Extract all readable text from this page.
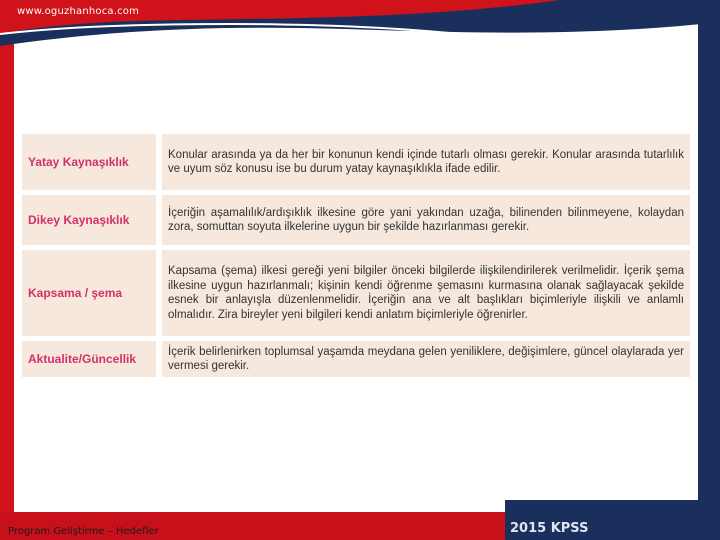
www.oguzhanhoca.com
Program Geliştirme – Hedefler	2015 KPSS
Yatay Kaynaşıklık		Konular arasında ya da her bir konunun kendi içinde tutarlı olması gerekir. Konular arasında tutarlılık ve uyum söz konusu ise bu durum yatay kaynaşıklıkla ifade edilir.
Dikey Kaynaşıklık		İçeriğin aşamalılık/ardışıklık ilkesine göre yani yakından uzağa, bilinenden bilinmeyene, kolaydan zora, somuttan soyuta ilkelerine uygun bir şekilde hazırlanması gerekir.
Kapsama / şema		Kapsama (şema) ilkesi gereği yeni bilgiler önceki bilgilerde ilişkilendirilerek verilmelidir. İçerik şema ilkesine uygun hazırlanmalı; kişinin kendi öğrenme şemasını kurmasına olanak sağlayacak şekilde esnek bir anlayışla düzenlenmelidir. İçeriğin ana ve alt başlıkları biçimleriyle ilişkili ve anlamlı olmalıdır. Zira bireyler yeni bilgileri kendi anlatım biçimleriyle öğrenirler.
Aktualite/Güncellik		İçerik belirlenirken toplumsal yaşamda meydana gelen yeniliklere, değişimlere, güncel olaylarada yer vermesi gerekir.
